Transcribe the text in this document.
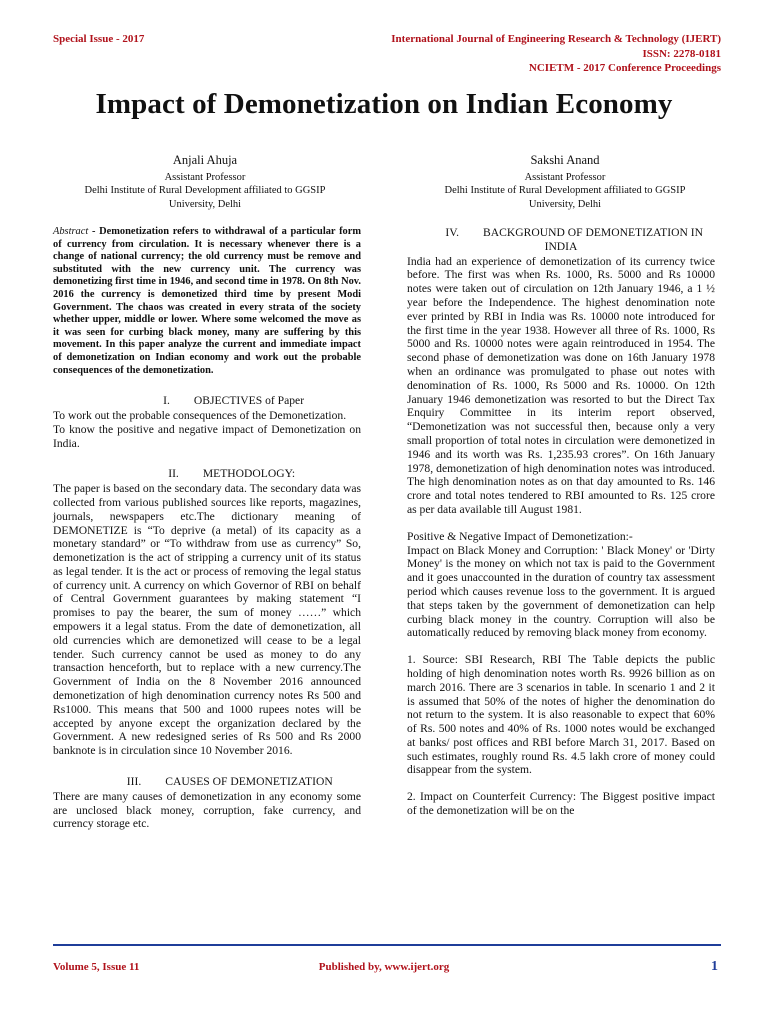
Special Issue - 2017	International Journal of Engineering Research & Technology (IJERT)
ISSN: 2278-0181
NCIETM - 2017 Conference Proceedings
Impact of Demonetization on Indian Economy
Anjali Ahuja
Assistant Professor
Delhi Institute of Rural Development affiliated to GGSIP
University, Delhi
Sakshi Anand
Assistant Professor
Delhi Institute of Rural Development affiliated to GGSIP
University, Delhi

Abstract - Demonetization refers to withdrawal of a particular form of currency from circulation. It is necessary whenever there is a change of national currency; the old currency must be remove and substituted with the new currency unit. The currency was demonetizing first time in 1946, and second time in 1978. On 8th Nov. 2016 the currency is demonetized third time by present Modi Government. The chaos was created in every strata of the society whether upper, middle or lower. Where some welcomed the move as it was seen for curbing black money, many are suffering by this movement. In this paper analyze the current and immediate impact of demonetization on Indian economy and work out the probable consequences of the demonetization.

I. OBJECTIVES of Paper

To work out the probable consequences of the Demonetization.

To know the positive and negative impact of Demonetization on India.

II. METHODOLOGY:

The paper is based on the secondary data. The secondary data was collected from various published sources like reports, magazines, journals, newspapers etc.The dictionary meaning of DEMONETIZE is “To deprive (a metal) of its capacity as a monetary standard” or “To withdraw from use as currency” So, demonetization is the act of stripping a currency unit of its status as legal tender. It is the act or process of removing the legal status of currency unit. A currency on which Governor of RBI on behalf of Central Government guarantees by making statement “I promises to pay the bearer, the sum of money ……” which empowers it a legal status. From the date of demonetization, all old currencies which are demonetized will cease to be a legal tender. Such currency cannot be used as money to do any transaction henceforth, but to replace with a new currency.The Government of India on the 8 November 2016 announced demonetization of high denomination currency notes Rs 500 and Rs1000. This means that 500 and 1000 rupees notes will be accepted by anyone except the organization declared by the Government. A new redesigned series of Rs 500 and Rs 2000 banknote is in circulation since 10 November 2016.

III. CAUSES OF DEMONETIZATION

There are many causes of demonetization in any economy some are unclosed black money, corruption, fake currency, and currency storage etc.

IV. BACKGROUND OF DEMONETIZATION IN INDIA

India had an experience of demonetization of its currency twice before. The first was when Rs. 1000, Rs. 5000 and Rs 10000 notes were taken out of circulation on 12th January 1946, a 1 ½ year before the Independence. The highest denomination note ever printed by RBI in India was Rs. 10000 note introduced for the first time in the year 1938. However all three of Rs. 1000, Rs 5000 and Rs. 10000 notes were again reintroduced in 1954. The second phase of demonetization was done on 16th January 1978 when an ordinance was promulgated to phase out notes with denomination of Rs. 1000, Rs 5000 and Rs. 10000. On 12th January 1946 demonetization was resorted to but the Direct Tax Enquiry Committee in its interim report observed, “Demonetization was not successful then, because only a very small proportion of total notes in circulation were demonetized in 1946 and its worth was Rs. 1,235.93 crores”. On 16th January 1978, demonetization of high denomination notes was introduced. The high denomination notes as on that day amounted to Rs. 146 crore and total notes tendered to RBI amounted to Rs. 125 crore as per data available till August 1981.

Positive & Negative Impact of Demonetization:-

Impact on Black Money and Corruption: ' Black Money' or 'Dirty Money' is the money on which not tax is paid to the Government and it goes unaccounted in the duration of country tax assessment period which causes revenue loss to the government. It is argued that steps taken by the government of demonetization can help curbing black money in the country. Corruption will also be automatically reduced by removing black money from economy.

1. Source: SBI Research, RBI The Table depicts the public holding of high denomination notes worth Rs. 9926 billion as on march 2016. There are 3 scenarios in table. In scenario 1 and 2 it is assumed that 50% of the notes of higher the denomination do not return to the system. It is also reasonable to expect that 60% of Rs. 500 notes and 40% of Rs. 1000 notes would be exchanged at banks/ post offices and RBI before March 31, 2017. Based on such estimates, roughly round Rs. 4.5 lakh crore of money could disappear from the system.

2. Impact on Counterfeit Currency: The Biggest positive impact of the demonetization will be on the

Volume 5, Issue 11	Published by, www.ijert.org	1
